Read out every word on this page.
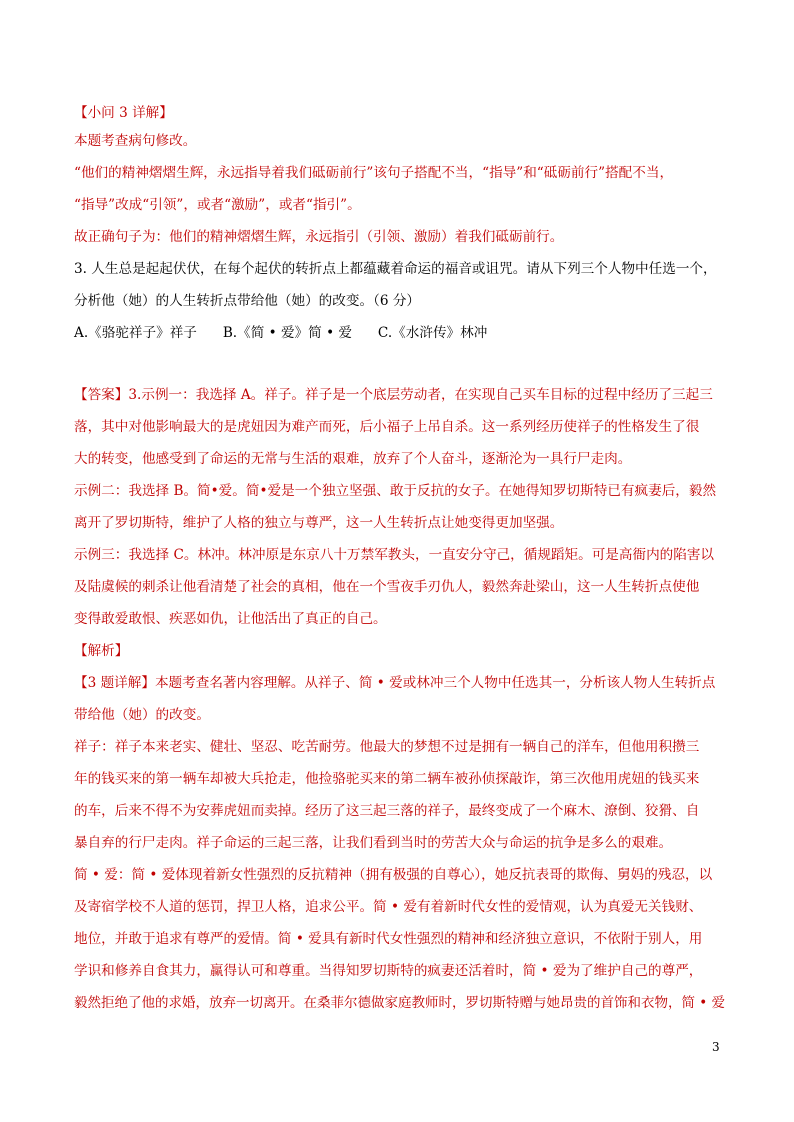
【小问 3 详解】
本题考查病句修改。
“他们的精神熠熠生辉，永远指导着我们砥砺前行”该句子搭配不当，“指导”和“砥砺前行”搭配不当，
“指导”改成“引领”，或者“激励”，或者“指引”。
故正确句子为：他们的精神熠熠生辉，永远指引（引领、激励）着我们砥砺前行。
3. 人生总是起起伏伏，在每个起伏的转折点上都蕴藏着命运的福音或诅咒。请从下列三个人物中任选一个，
分析他（她）的人生转折点带给他（她）的改变。（6 分）
A.《骆驼祥子》祥子      B.《简 • 爱》简 • 爱      C.《水浒传》林冲
【答案】3.示例一：我选择 A。祥子。祥子是一个底层劳动者，在实现自己买车目标的过程中经历了三起三
落，其中对他影响最大的是虎妞因为难产而死，后小福子上吊自杀。这一系列经历使祥子的性格发生了很
大的转变，他感受到了命运的无常与生活的艰难，放弃了个人奋斗，逐渐沦为一具行尸走肉。
示例二：我选择 B。简•爱。简•爱是一个独立坚强、敢于反抗的女子。在她得知罗切斯特已有疯妻后，毅然
离开了罗切斯特，维护了人格的独立与尊严，这一人生转折点让她变得更加坚强。
示例三：我选择 C。林冲。林冲原是东京八十万禁军教头，一直安分守己，循规蹈矩。可是高衙内的陷害以
及陆虞候的刺杀让他看清楚了社会的真相，他在一个雪夜手刃仇人，毅然奔赴梁山，这一人生转折点使他
变得敢爱敢恨、疾恶如仇，让他活出了真正的自己。
【解析】
【3 题详解】本题考查名著内容理解。从祥子、简 • 爱或林冲三个人物中任选其一，分析该人物人生转折点
带给他（她）的改变。
祥子：祥子本来老实、健壮、坚忍、吃苦耐劳。他最大的梦想不过是拥有一辆自己的洋车，但他用积攒三
年的钱买来的第一辆车却被大兵抢走，他捡骆驼买来的第二辆车被孙侦探敲诈，第三次他用虎妞的钱买来
的车，后来不得不为安葬虎妞而卖掉。经历了这三起三落的祥子，最终变成了一个麻木、潦倒、狡猾、自
暴自弃的行尸走肉。祥子命运的三起三落，让我们看到当时的劳苦大众与命运的抗争是多么的艰难。
简 • 爱：简 • 爱体现着新女性强烈的反抗精神（拥有极强的自尊心），她反抗表哥的欺侮、舅妈的残忍，以
及寄宿学校不人道的惩罚，捍卫人格，追求公平。简 • 爱有着新时代女性的爱情观，认为真爱无关钱财、
地位，并敢于追求有尊严的爱情。简 • 爱具有新时代女性强烈的精神和经济独立意识，不依附于别人，用
学识和修养自食其力，赢得认可和尊重。当得知罗切斯特的疯妻还活着时，简 • 爱为了维护自己的尊严，
毅然拒绝了他的求婚，放弃一切离开。在桑菲尔德做家庭教师时，罗切斯特赠与她昂贵的首饰和衣物，简 • 爱
3
